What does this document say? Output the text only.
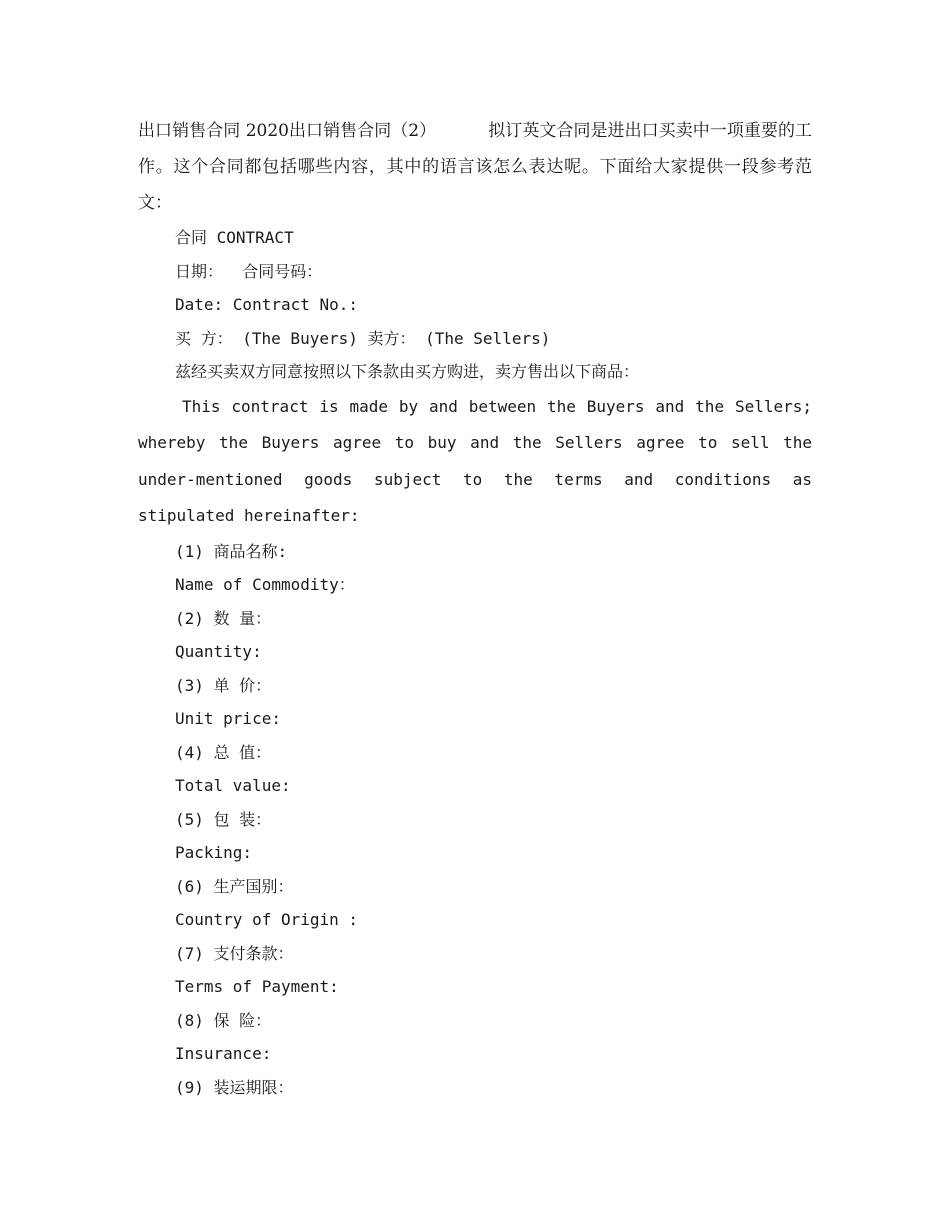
出口销售合同 2020出口销售合同（2）	拟订英文合同是进出口买卖中一项重要的工作。这个合同都包括哪些内容，其中的语言该怎么表达呢。下面给大家提供一段参考范文：

合同 CONTRACT

日期：  合同号码：

Date: Contract No.:

买 方： (The Buyers) 卖方： (The Sellers)

兹经买卖双方同意按照以下条款由买方购进，卖方售出以下商品：

This contract is made by and between the Buyers and the Sellers; whereby the Buyers agree to buy and the Sellers agree to sell the under-mentioned goods subject to the terms and conditions as stipulated hereinafter:

(1) 商品名称:

Name of Commodity：

(2) 数 量：

Quantity:

(3) 单 价：

Unit price:

(4) 总 值：

Total value:

(5) 包 装：

Packing:

(6) 生产国别：

Country of Origin :

(7) 支付条款：

Terms of Payment:

(8) 保 险：

Insurance:

(9) 装运期限：
